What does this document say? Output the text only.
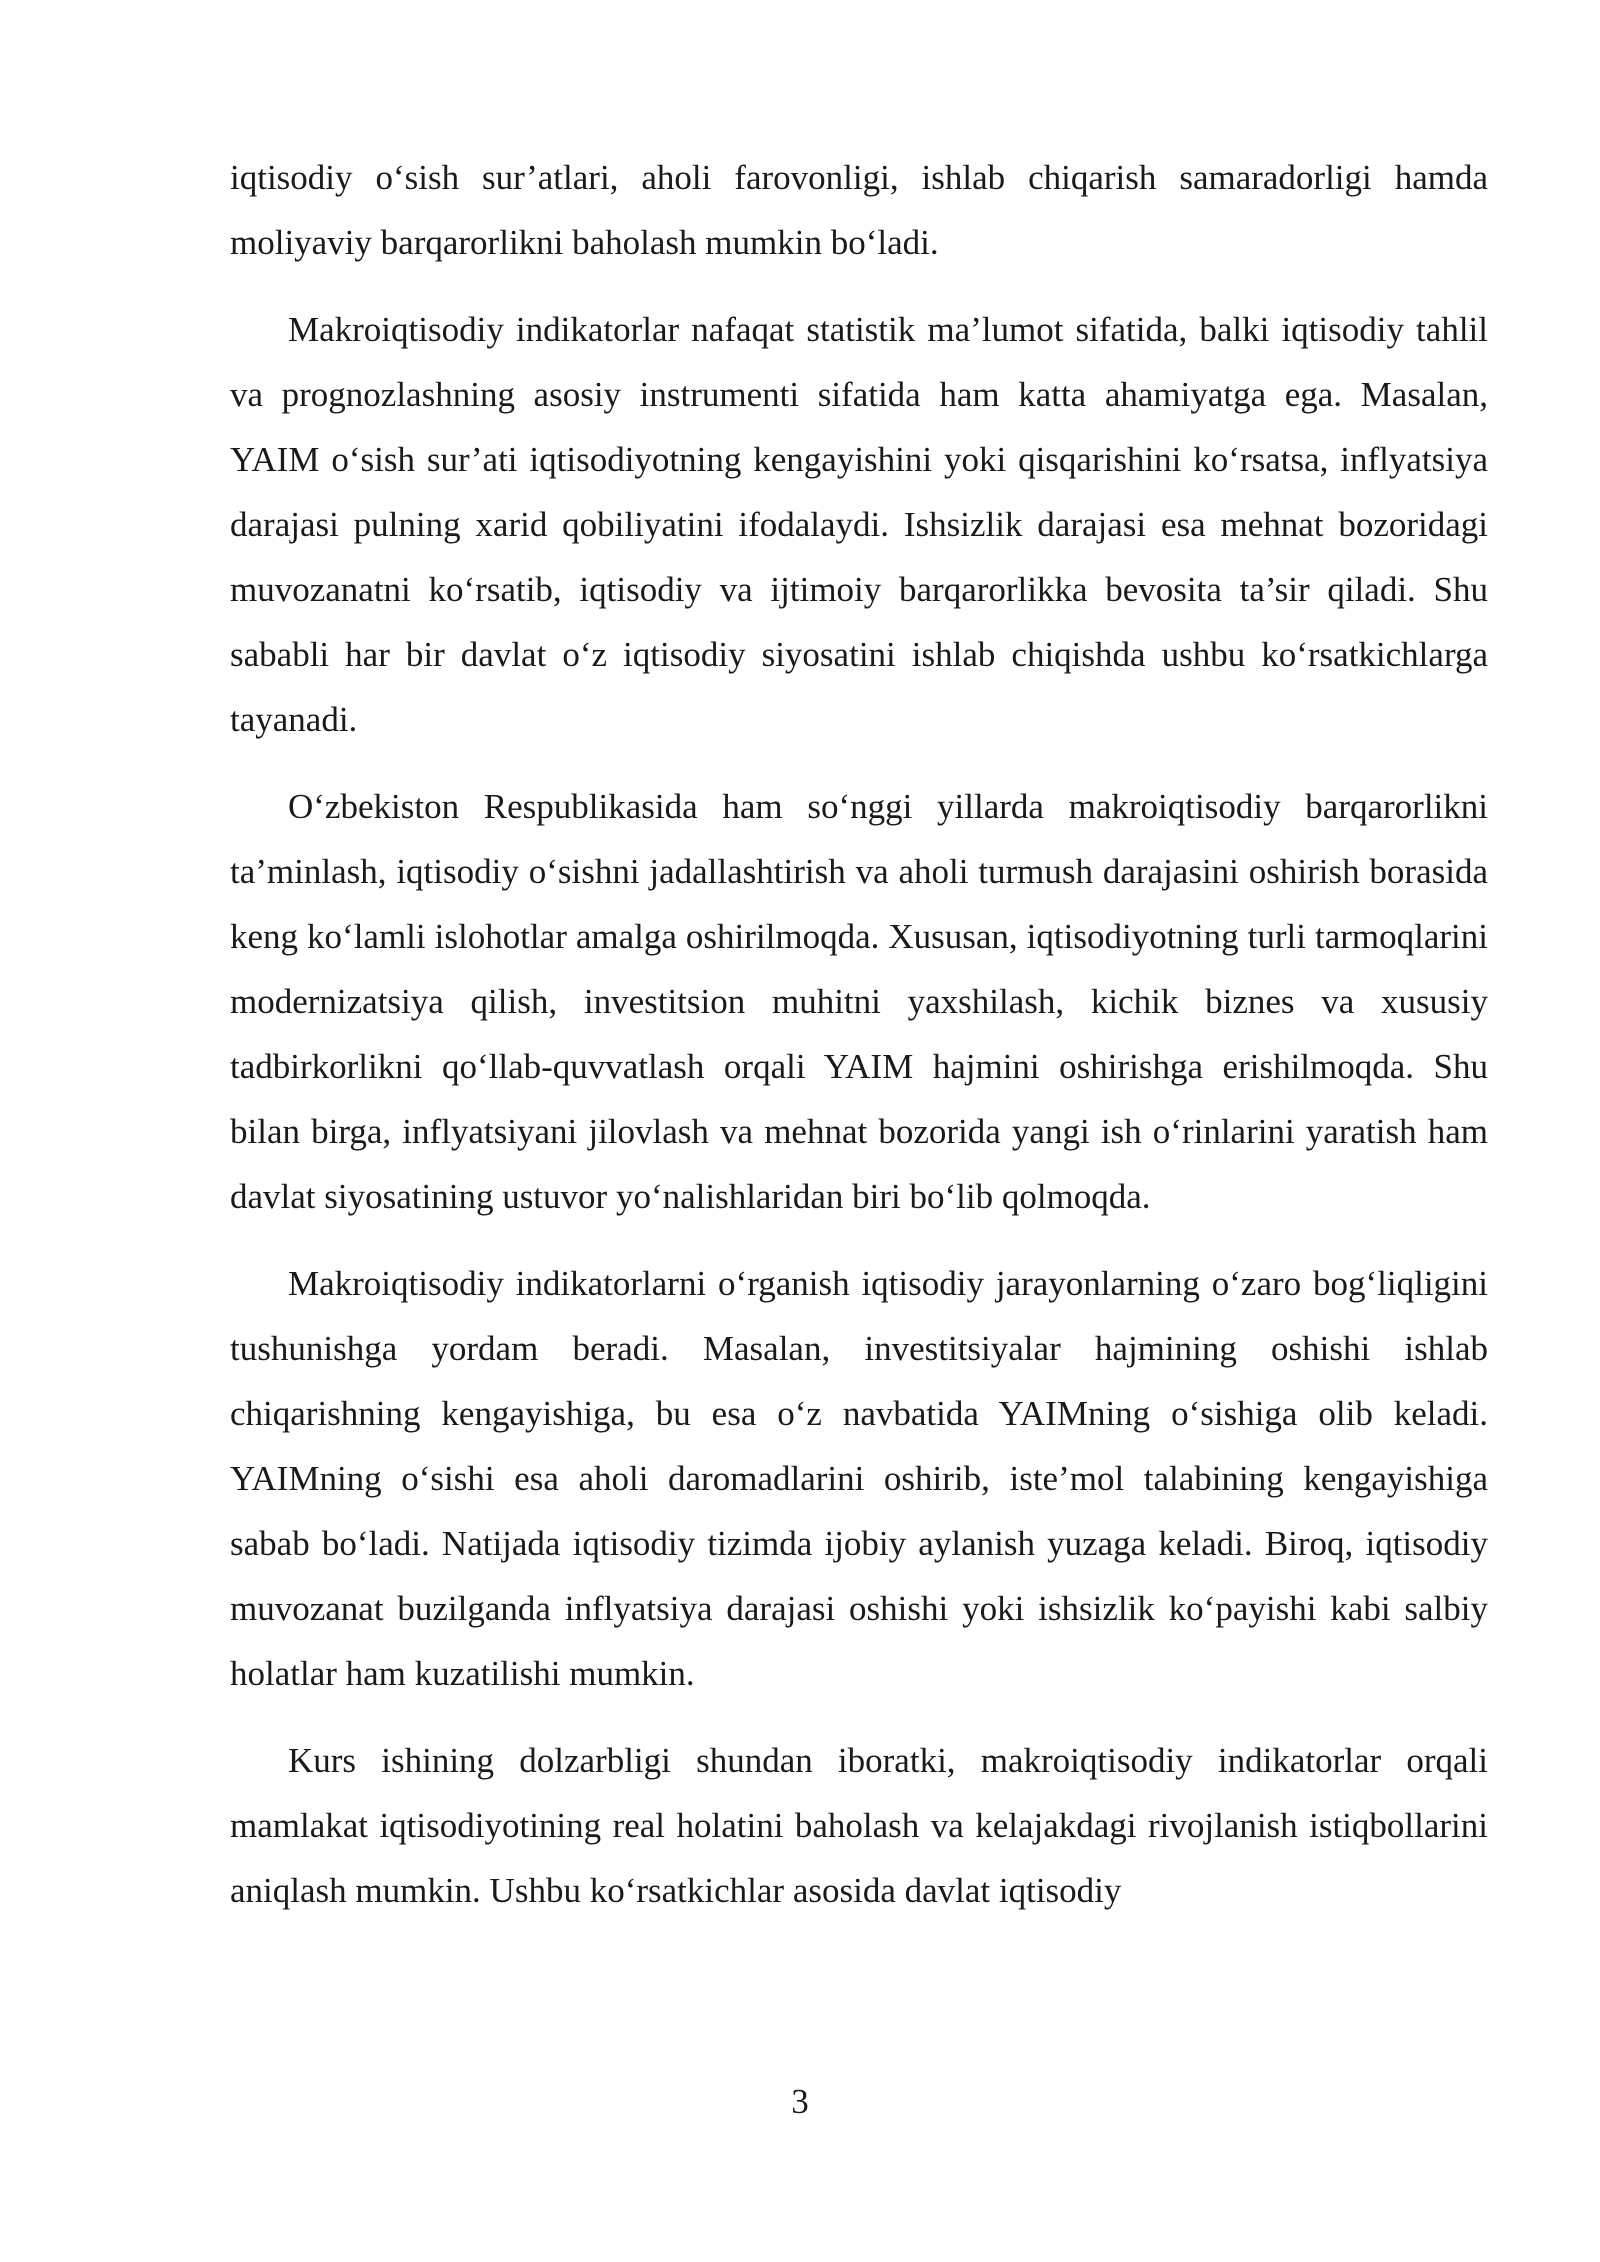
iqtisodiy o‘sish sur’atlari, aholi farovonligi, ishlab chiqarish samaradorligi hamda moliyaviy barqarorlikni baholash mumkin bo‘ladi.

Makroiqtisodiy indikatorlar nafaqat statistik ma’lumot sifatida, balki iqtisodiy tahlil va prognozlashning asosiy instrumenti sifatida ham katta ahamiyatga ega. Masalan, YAIM o‘sish sur’ati iqtisodiyotning kengayishini yoki qisqarishini ko‘rsatsa, inflyatsiya darajasi pulning xarid qobiliyatini ifodalaydi. Ishsizlik darajasi esa mehnat bozoridagi muvozanatni ko‘rsatib, iqtisodiy va ijtimoiy barqarorlikka bevosita ta’sir qiladi. Shu sababli har bir davlat o‘z iqtisodiy siyosatini ishlab chiqishda ushbu ko‘rsatkichlarga tayanadi.

O‘zbekiston Respublikasida ham so‘nggi yillarda makroiqtisodiy barqarorlikni ta’minlash, iqtisodiy o‘sishni jadallashtirish va aholi turmush darajasini oshirish borasida keng ko‘lamli islohotlar amalga oshirilmoqda. Xususan, iqtisodiyotning turli tarmoqlarini modernizatsiya qilish, investitsion muhitni yaxshilash, kichik biznes va xususiy tadbirkorlikni qo‘llab-quvvatlash orqali YAIM hajmini oshirishga erishilmoqda. Shu bilan birga, inflyatsiyani jilovlash va mehnat bozorida yangi ish o‘rinlarini yaratish ham davlat siyosatining ustuvor yo‘nalishlaridan biri bo‘lib qolmoqda.

Makroiqtisodiy indikatorlarni o‘rganish iqtisodiy jarayonlarning o‘zaro bog‘liqligini tushunishga yordam beradi. Masalan, investitsiyalar hajmining oshishi ishlab chiqarishning kengayishiga, bu esa o‘z navbatida YAIMning o‘sishiga olib keladi. YAIMning o‘sishi esa aholi daromadlarini oshirib, iste’mol talabining kengayishiga sabab bo‘ladi. Natijada iqtisodiy tizimda ijobiy aylanish yuzaga keladi. Biroq, iqtisodiy muvozanat buzilganda inflyatsiya darajasi oshishi yoki ishsizlik ko‘payishi kabi salbiy holatlar ham kuzatilishi mumkin.

Kurs ishining dolzarbligi shundan iboratki, makroiqtisodiy indikatorlar orqali mamlakat iqtisodiyotining real holatini baholash va kelajakdagi rivojlanish istiqbollarini aniqlash mumkin. Ushbu ko‘rsatkichlar asosida davlat iqtisodiy

3
